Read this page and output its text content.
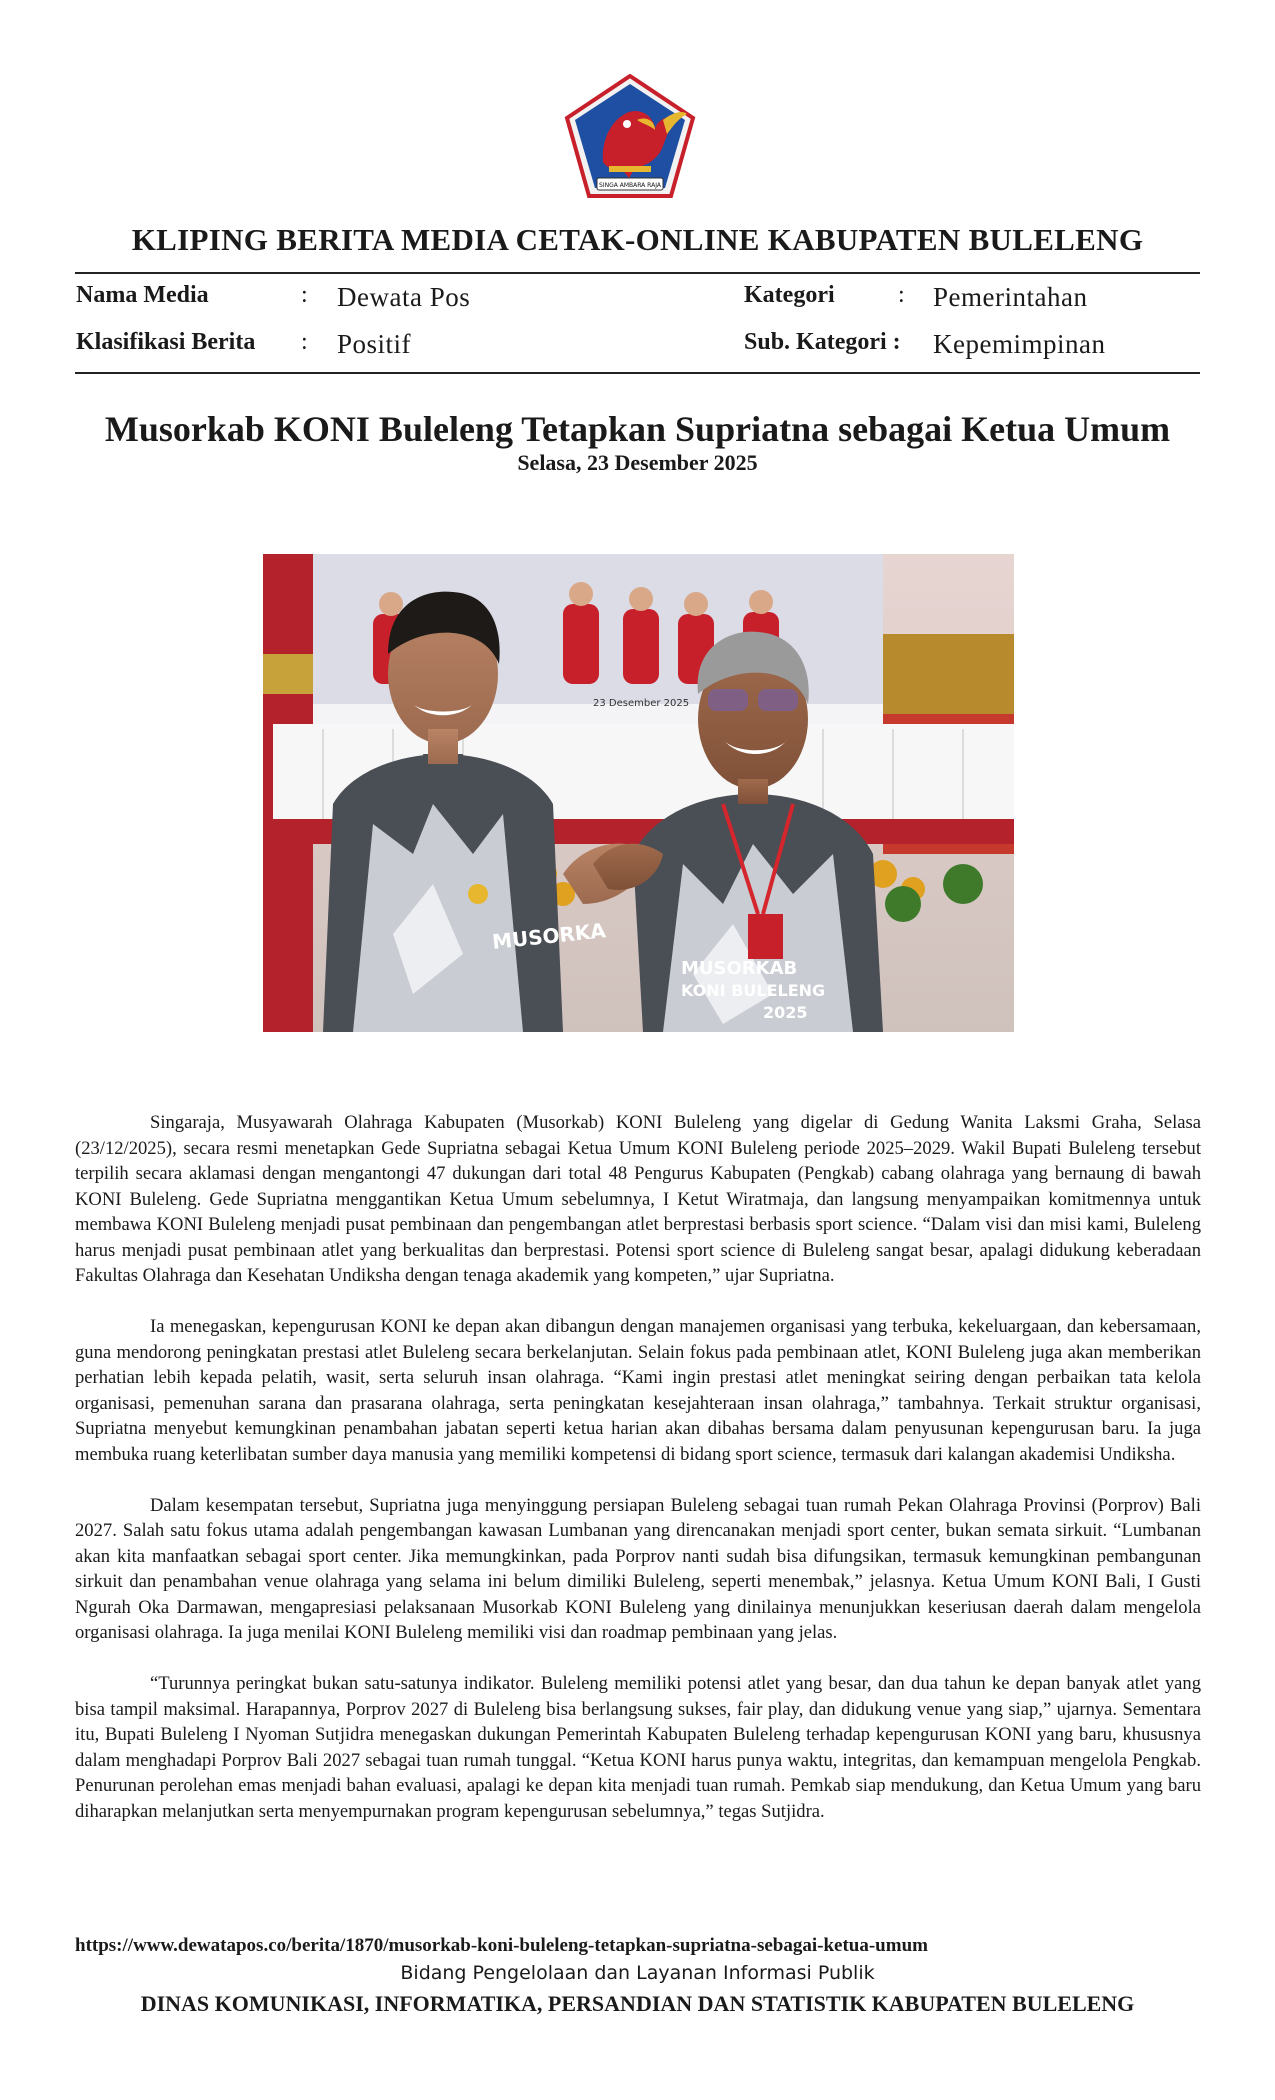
SINGA AMBARA RAJA
KLIPING BERITA MEDIA CETAK-ONLINE KABUPATEN BULELENG
Nama Media	: Dewata Pos	Kategori	: Pemerintahan
Klasifikasi Berita : Positif	Sub. Kategori : Kepemimpinan
Musorkab KONI Buleleng Tetapkan Supriatna sebagai Ketua Umum
Selasa, 23 Desember 2025
23 Desember 2025
MUSORKA
MUSORKAB
KONI BULELENG
2025

Singaraja, Musyawarah Olahraga Kabupaten (Musorkab) KONI Buleleng yang digelar di Gedung Wanita Laksmi Graha, Selasa (23/12/2025), secara resmi menetapkan Gede Supriatna sebagai Ketua Umum KONI Buleleng periode 2025–2029. Wakil Bupati Buleleng tersebut terpilih secara aklamasi dengan mengantongi 47 dukungan dari total 48 Pengurus Kabupaten (Pengkab) cabang olahraga yang bernaung di bawah KONI Buleleng. Gede Supriatna menggantikan Ketua Umum sebelumnya, I Ketut Wiratmaja, dan langsung menyampaikan komitmennya untuk membawa KONI Buleleng menjadi pusat pembinaan dan pengembangan atlet berprestasi berbasis sport science. “Dalam visi dan misi kami, Buleleng harus menjadi pusat pembinaan atlet yang berkualitas dan berprestasi. Potensi sport science di Buleleng sangat besar, apalagi didukung keberadaan Fakultas Olahraga dan Kesehatan Undiksha dengan tenaga akademik yang kompeten,” ujar Supriatna.

Ia menegaskan, kepengurusan KONI ke depan akan dibangun dengan manajemen organisasi yang terbuka, kekeluargaan, dan kebersamaan, guna mendorong peningkatan prestasi atlet Buleleng secara berkelanjutan. Selain fokus pada pembinaan atlet, KONI Buleleng juga akan memberikan perhatian lebih kepada pelatih, wasit, serta seluruh insan olahraga. “Kami ingin prestasi atlet meningkat seiring dengan perbaikan tata kelola organisasi, pemenuhan sarana dan prasarana olahraga, serta peningkatan kesejahteraan insan olahraga,” tambahnya. Terkait struktur organisasi, Supriatna menyebut kemungkinan penambahan jabatan seperti ketua harian akan dibahas bersama dalam penyusunan kepengurusan baru. Ia juga membuka ruang keterlibatan sumber daya manusia yang memiliki kompetensi di bidang sport science, termasuk dari kalangan akademisi Undiksha.

Dalam kesempatan tersebut, Supriatna juga menyinggung persiapan Buleleng sebagai tuan rumah Pekan Olahraga Provinsi (Porprov) Bali 2027. Salah satu fokus utama adalah pengembangan kawasan Lumbanan yang direncanakan menjadi sport center, bukan semata sirkuit. “Lumbanan akan kita manfaatkan sebagai sport center. Jika memungkinkan, pada Porprov nanti sudah bisa difungsikan, termasuk kemungkinan pembangunan sirkuit dan penambahan venue olahraga yang selama ini belum dimiliki Buleleng, seperti menembak,” jelasnya. Ketua Umum KONI Bali, I Gusti Ngurah Oka Darmawan, mengapresiasi pelaksanaan Musorkab KONI Buleleng yang dinilainya menunjukkan keseriusan daerah dalam mengelola organisasi olahraga. Ia juga menilai KONI Buleleng memiliki visi dan roadmap pembinaan yang jelas.

“Turunnya peringkat bukan satu-satunya indikator. Buleleng memiliki potensi atlet yang besar, dan dua tahun ke depan banyak atlet yang bisa tampil maksimal. Harapannya, Porprov 2027 di Buleleng bisa berlangsung sukses, fair play, dan didukung venue yang siap,” ujarnya. Sementara itu, Bupati Buleleng I Nyoman Sutjidra menegaskan dukungan Pemerintah Kabupaten Buleleng terhadap kepengurusan KONI yang baru, khususnya dalam menghadapi Porprov Bali 2027 sebagai tuan rumah tunggal. “Ketua KONI harus punya waktu, integritas, dan kemampuan mengelola Pengkab. Penurunan perolehan emas menjadi bahan evaluasi, apalagi ke depan kita menjadi tuan rumah. Pemkab siap mendukung, dan Ketua Umum yang baru diharapkan melanjutkan serta menyempurnakan program kepengurusan sebelumnya,” tegas Sutjidra.

https://www.dewatapos.co/berita/1870/musorkab-koni-buleleng-tetapkan-supriatna-sebagai-ketua-umum
Bidang Pengelolaan dan Layanan Informasi Publik
DINAS KOMUNIKASI, INFORMATIKA, PERSANDIAN DAN STATISTIK KABUPATEN BULELENG
